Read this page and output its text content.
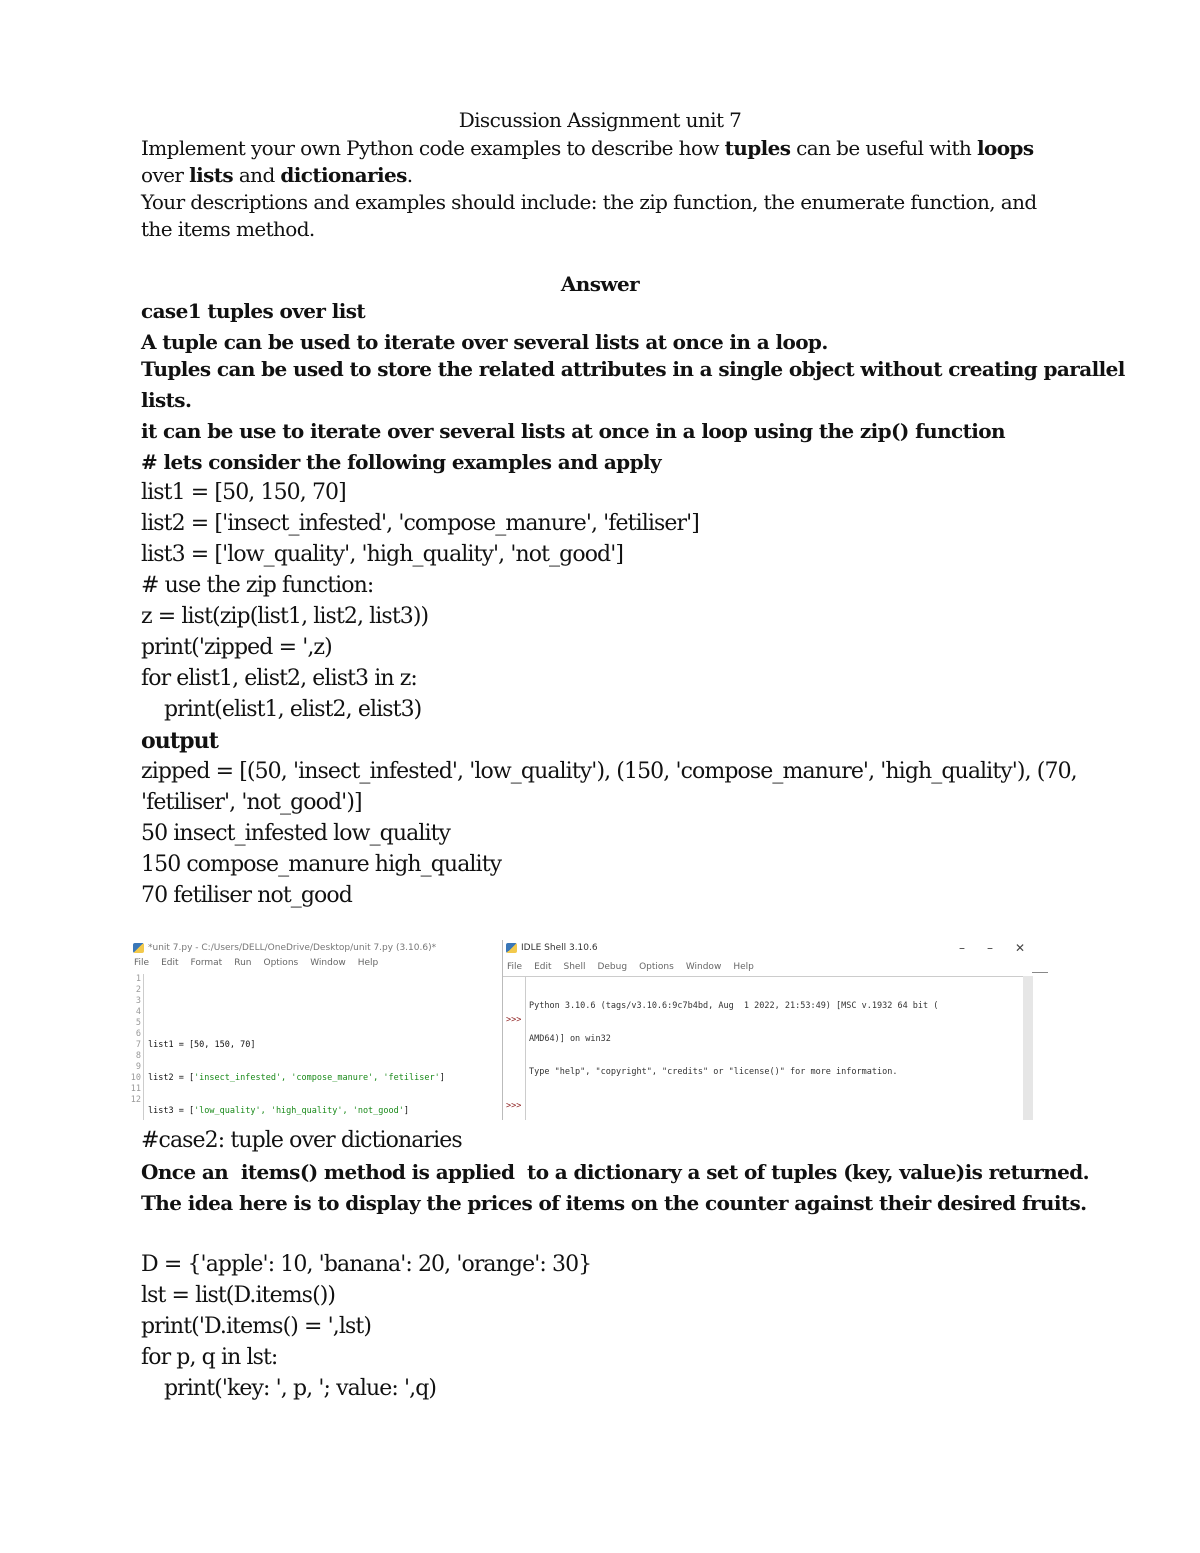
Discussion Assignment unit 7
Implement your own Python code examples to describe how tuples can be useful with loops
over lists and dictionaries.
Your descriptions and examples should include: the zip function, the enumerate function, and
the items method.
Answer
case1 tuples over list
A tuple can be used to iterate over several lists at once in a loop.
Tuples can be used to store the related attributes in a single object without creating parallel
lists.
it can be use to iterate over several lists at once in a loop using the zip() function
# lets consider the following examples and apply
list1 = [50, 150, 70]
list2 = ['insect_infested', 'compose_manure', 'fetiliser']
list3 = ['low_quality', 'high_quality', 'not_good']
# use the zip function:
z = list(zip(list1, list2, list3))
print('zipped = ',z)
for elist1, elist2, elist3 in z:
print(elist1, elist2, elist3)
output
zipped = [(50, 'insect_infested', 'low_quality'), (150, 'compose_manure', 'high_quality'), (70,
'fetiliser', 'not_good')]
50 insect_infested low_quality
150 compose_manure high_quality
70 fetiliser not_good
*unit 7.py - C:/Users/DELL/OneDrive/Desktop/unit 7.py (3.10.6)*
File Edit Format Run Options Window Help

1
2
3
4
5
6
7
8
9
10
11
12

list1 = [50, 150, 70]

list2 = ['insect_infested', 'compose_manure', 'fetiliser']

list3 = ['low_quality', 'high_quality', 'not_good']

IDLE Shell 3.10.6	– – ✕
File Edit Shell Debug Options Window Help

>>>

>>>

Python 3.10.6 (tags/v3.10.6:9c7b4bd, Aug  1 2022, 21:53:49) [MSC v.1932 64 bit (

AMD64)] on win32

Type "help", "copyright", "credits" or "license()" for more information.

#case2: tuple over dictionaries
Once an  items() method is applied  to a dictionary a set of tuples (key, value)is returned.
The idea here is to display the prices of items on the counter against their desired fruits.
D = {'apple': 10, 'banana': 20, 'orange': 30}
lst = list(D.items())
print('D.items() = ',lst)
for p, q in lst:
print('key: ', p, '; value: ',q)
